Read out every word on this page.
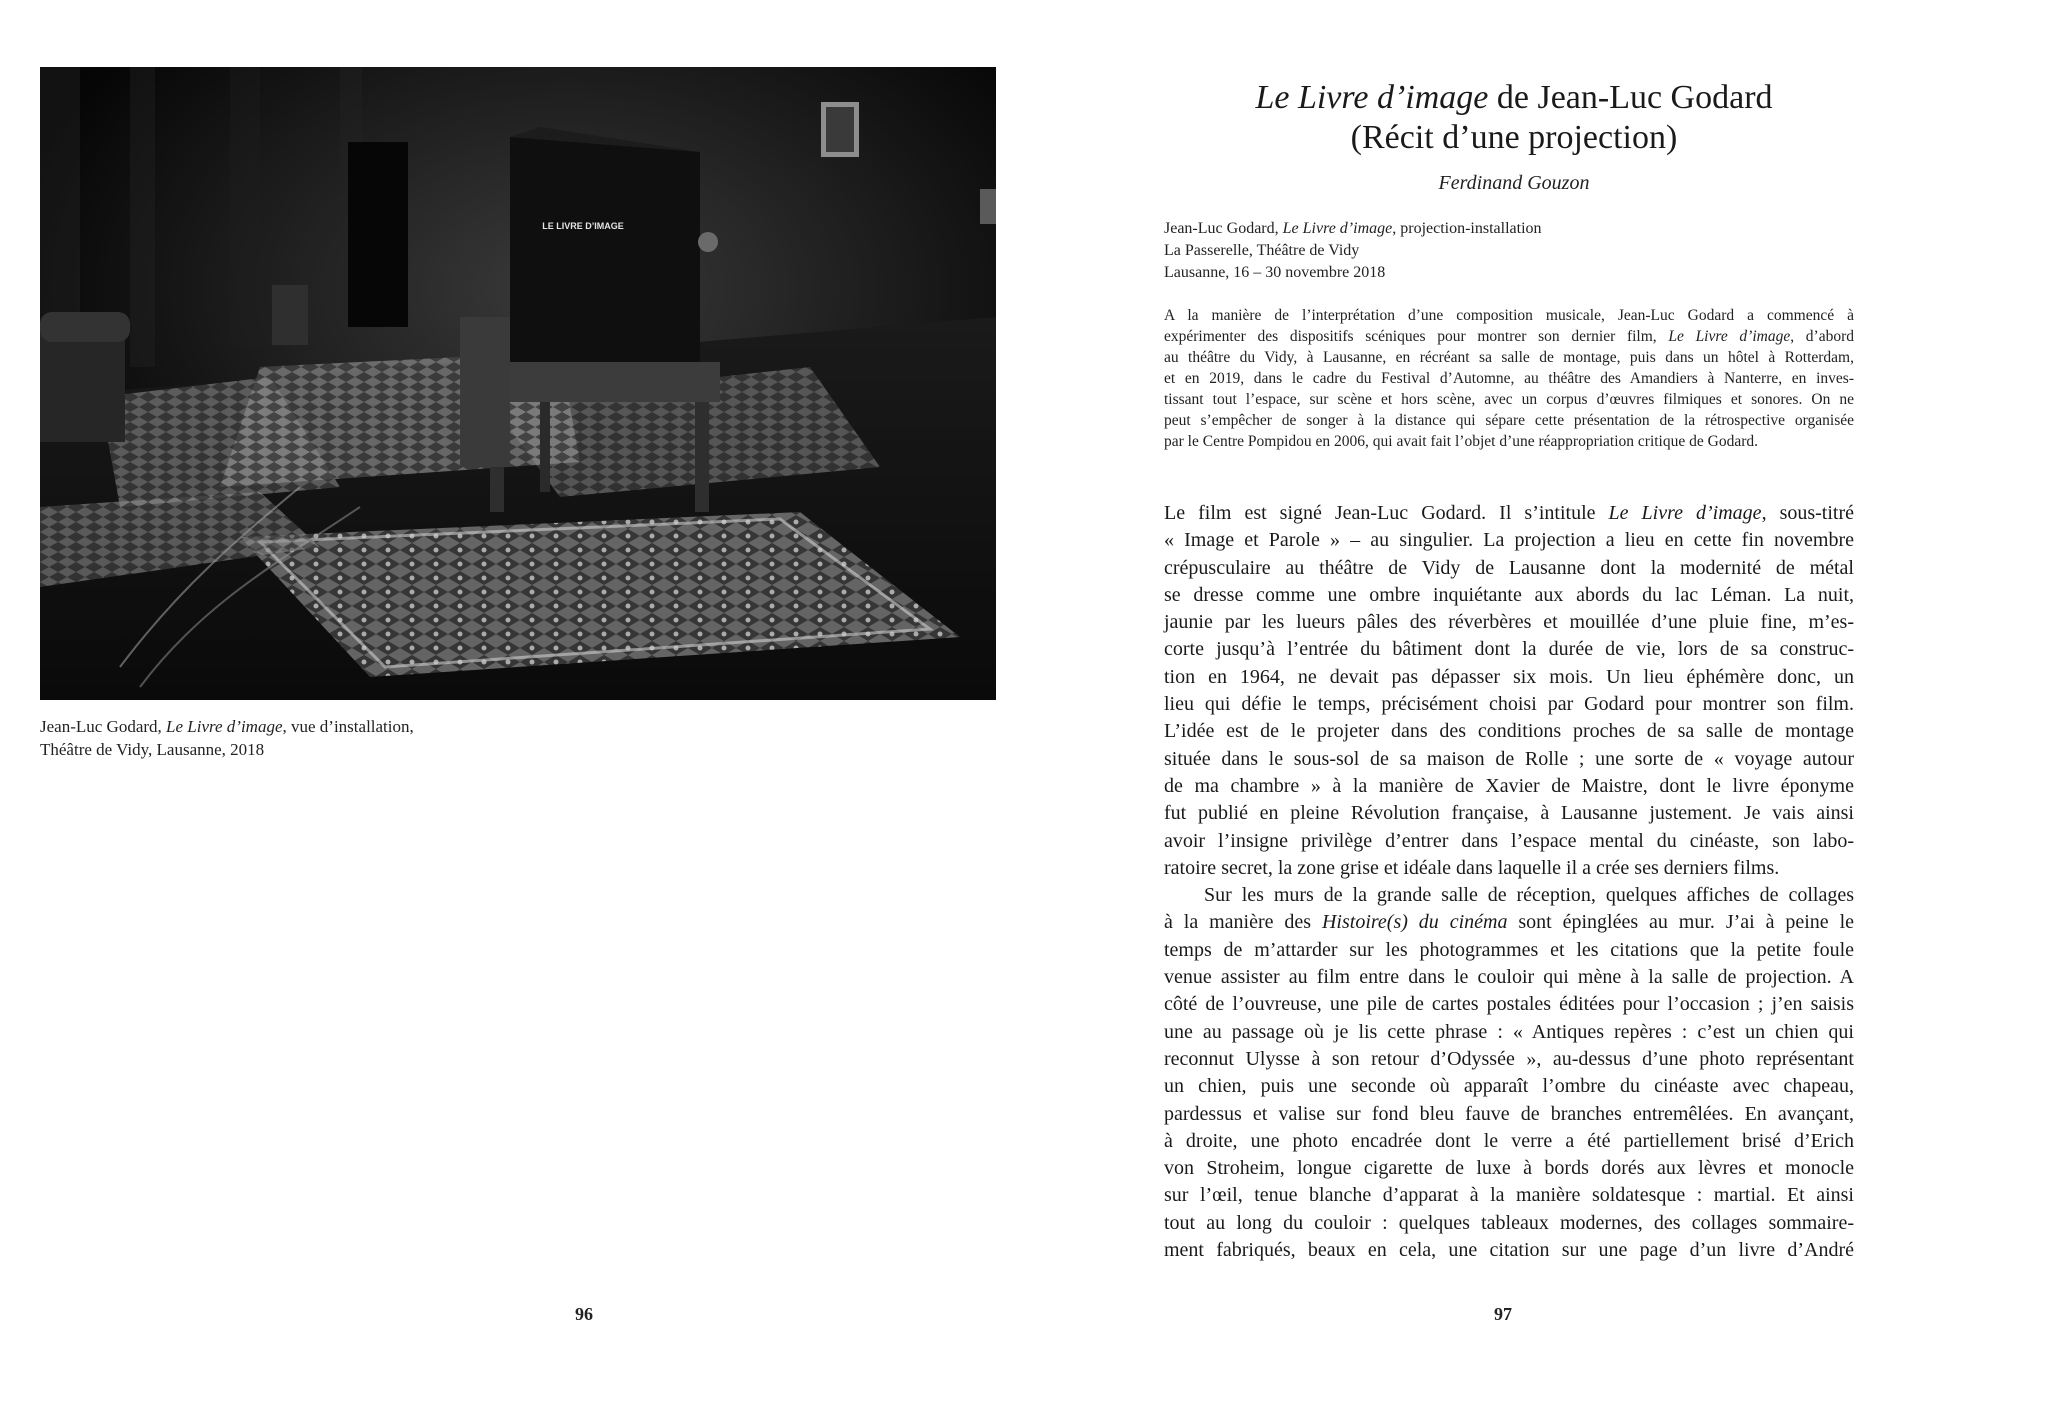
LE LIVRE D’IMAGE
Jean-Luc Godard, Le Livre d’image, vue d’installation,
Théâtre de Vidy, Lausanne, 2018
96
Le Livre d’image de Jean-Luc Godard
(Récit d’une projection)
Ferdinand Gouzon
Jean-Luc Godard, Le Livre d’image, projection-installation
La Passerelle, Théâtre de Vidy
Lausanne, 16 – 30 novembre 2018
A la manière de l’interprétation d’une composition musicale, Jean-Luc Godard a commencé à
expérimenter des dispositifs scéniques pour montrer son dernier film, Le Livre d’image, d’abord
au théâtre du Vidy, à Lausanne, en récréant sa salle de montage, puis dans un hôtel à Rotterdam,
et en 2019, dans le cadre du Festival d’Automne, au théâtre des Amandiers à Nanterre, en inves-
tissant tout l’espace, sur scène et hors scène, avec un corpus d’œuvres filmiques et sonores. On ne
peut s’empêcher de songer à la distance qui sépare cette présentation de la rétrospective organisée
par le Centre Pompidou en 2006, qui avait fait l’objet d’une réappropriation critique de Godard.
Le film est signé Jean-Luc Godard. Il s’intitule Le Livre d’image, sous-titré
« Image et Parole » – au singulier. La projection a lieu en cette fin novembre
crépusculaire au théâtre de Vidy de Lausanne dont la modernité de métal
se dresse comme une ombre inquiétante aux abords du lac Léman. La nuit,
jaunie par les lueurs pâles des réverbères et mouillée d’une pluie fine, m’es-
corte jusqu’à l’entrée du bâtiment dont la durée de vie, lors de sa construc-
tion en 1964, ne devait pas dépasser six mois. Un lieu éphémère donc, un
lieu qui défie le temps, précisément choisi par Godard pour montrer son film.
L’idée est de le projeter dans des conditions proches de sa salle de montage
située dans le sous-sol de sa maison de Rolle ; une sorte de « voyage autour
de ma chambre » à la manière de Xavier de Maistre, dont le livre éponyme
fut publié en pleine Révolution française, à Lausanne justement. Je vais ainsi
avoir l’insigne privilège d’entrer dans l’espace mental du cinéaste, son labo-
ratoire secret, la zone grise et idéale dans laquelle il a crée ses derniers films.
Sur les murs de la grande salle de réception, quelques affiches de collages
à la manière des Histoire(s) du cinéma sont épinglées au mur. J’ai à peine le
temps de m’attarder sur les photogrammes et les citations que la petite foule
venue assister au film entre dans le couloir qui mène à la salle de projection. A
côté de l’ouvreuse, une pile de cartes postales éditées pour l’occasion ; j’en saisis
une au passage où je lis cette phrase : « Antiques repères : c’est un chien qui
reconnut Ulysse à son retour d’Odyssée », au-dessus d’une photo représentant
un chien, puis une seconde où apparaît l’ombre du cinéaste avec chapeau,
pardessus et valise sur fond bleu fauve de branches entremêlées. En avançant,
à droite, une photo encadrée dont le verre a été partiellement brisé d’Erich
von Stroheim, longue cigarette de luxe à bords dorés aux lèvres et monocle
sur l’œil, tenue blanche d’apparat à la manière soldatesque : martial. Et ainsi
tout au long du couloir : quelques tableaux modernes, des collages sommaire-
ment fabriqués, beaux en cela, une citation sur une page d’un livre d’André
97
